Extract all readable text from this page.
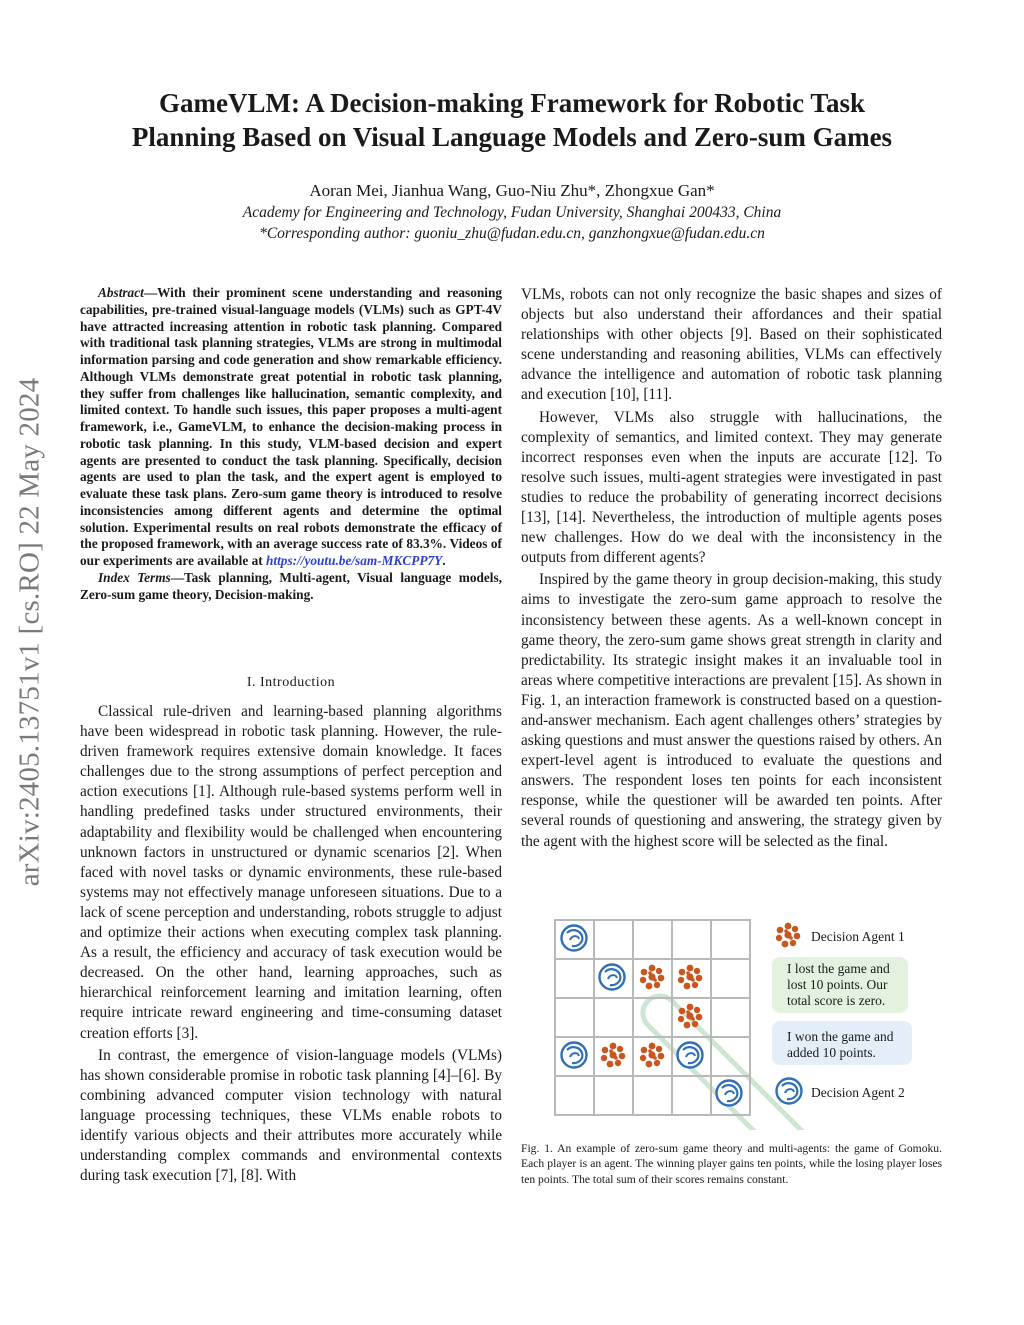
arXiv:2405.13751v1 [cs.RO] 22 May 2024
GameVLM: A Decision-making Framework for Robotic Task
Planning Based on Visual Language Models and Zero-sum Games
Aoran Mei, Jianhua Wang, Guo-Niu Zhu*, Zhongxue Gan*
Academy for Engineering and Technology, Fudan University, Shanghai 200433, China
*Corresponding author: guoniu_zhu@fudan.edu.cn, ganzhongxue@fudan.edu.cn

Abstract—With their prominent scene understanding and reasoning capabilities, pre-trained visual-language models (VLMs) such as GPT-4V have attracted increasing attention in robotic task planning. Compared with traditional task planning strategies, VLMs are strong in multimodal information parsing and code generation and show remarkable efficiency. Although VLMs demonstrate great potential in robotic task planning, they suffer from challenges like hallucination, semantic complexity, and limited context. To handle such issues, this paper proposes a multi-agent framework, i.e., GameVLM, to enhance the decision-making process in robotic task planning. In this study, VLM-based decision and expert agents are presented to conduct the task planning. Specifically, decision agents are used to plan the task, and the expert agent is employed to evaluate these task plans. Zero-sum game theory is introduced to resolve inconsistencies among different agents and determine the optimal solution. Experimental results on real robots demonstrate the efficacy of the proposed framework, with an average success rate of 83.3%. Videos of our experiments are available at https://youtu.be/sam-MKCPP7Y.

Index Terms—Task planning, Multi-agent, Visual language models, Zero-sum game theory, Decision-making.

I. Introduction

Classical rule-driven and learning-based planning algorithms have been widespread in robotic task planning. However, the rule-driven framework requires extensive domain knowledge. It faces challenges due to the strong assumptions of perfect perception and action executions [1]. Although rule-based systems perform well in handling predefined tasks under structured environments, their adaptability and flexibility would be challenged when encountering unknown factors in unstructured or dynamic scenarios [2]. When faced with novel tasks or dynamic environments, these rule-based systems may not effectively manage unforeseen situations. Due to a lack of scene perception and understanding, robots struggle to adjust and optimize their actions when executing complex task planning. As a result, the efficiency and accuracy of task execution would be decreased. On the other hand, learning approaches, such as hierarchical reinforcement learning and imitation learning, often require intricate reward engineering and time-consuming dataset creation efforts [3].

In contrast, the emergence of vision-language models (VLMs) has shown considerable promise in robotic task planning [4]–[6]. By combining advanced computer vision technology with natural language processing techniques, these VLMs enable robots to identify various objects and their attributes more accurately while understanding complex commands and environmental contexts during task execution [7], [8]. With

VLMs, robots can not only recognize the basic shapes and sizes of objects but also understand their affordances and their spatial relationships with other objects [9]. Based on their sophisticated scene understanding and reasoning abilities, VLMs can effectively advance the intelligence and automation of robotic task planning and execution [10], [11].

However, VLMs also struggle with hallucinations, the complexity of semantics, and limited context. They may generate incorrect responses even when the inputs are accurate [12]. To resolve such issues, multi-agent strategies were investigated in past studies to reduce the probability of generating incorrect decisions [13], [14]. Nevertheless, the introduction of multiple agents poses new challenges. How do we deal with the inconsistency in the outputs from different agents?

Inspired by the game theory in group decision-making, this study aims to investigate the zero-sum game approach to resolve the inconsistency between these agents. As a well-known concept in game theory, the zero-sum game shows great strength in clarity and predictability. Its strategic insight makes it an invaluable tool in areas where competitive interactions are prevalent [15]. As shown in Fig. 1, an interaction framework is constructed based on a question-and-answer mechanism. Each agent challenges others’ strategies by asking questions and must answer the questions raised by others. An expert-level agent is introduced to evaluate the questions and answers. The respondent loses ten points for each inconsistent response, while the questioner will be awarded ten points. After several rounds of questioning and answering, the strategy given by the agent with the highest score will be selected as the final.

Decision Agent 1
I lost the game and
lost 10 points. Our
total score is zero.
I won the game and
added 10 points.
Decision Agent 2
Fig. 1. An example of zero-sum game theory and multi-agents: the game of Gomoku. Each player is an agent. The winning player gains ten points, while the losing player loses ten points. The total sum of their scores remains constant.
